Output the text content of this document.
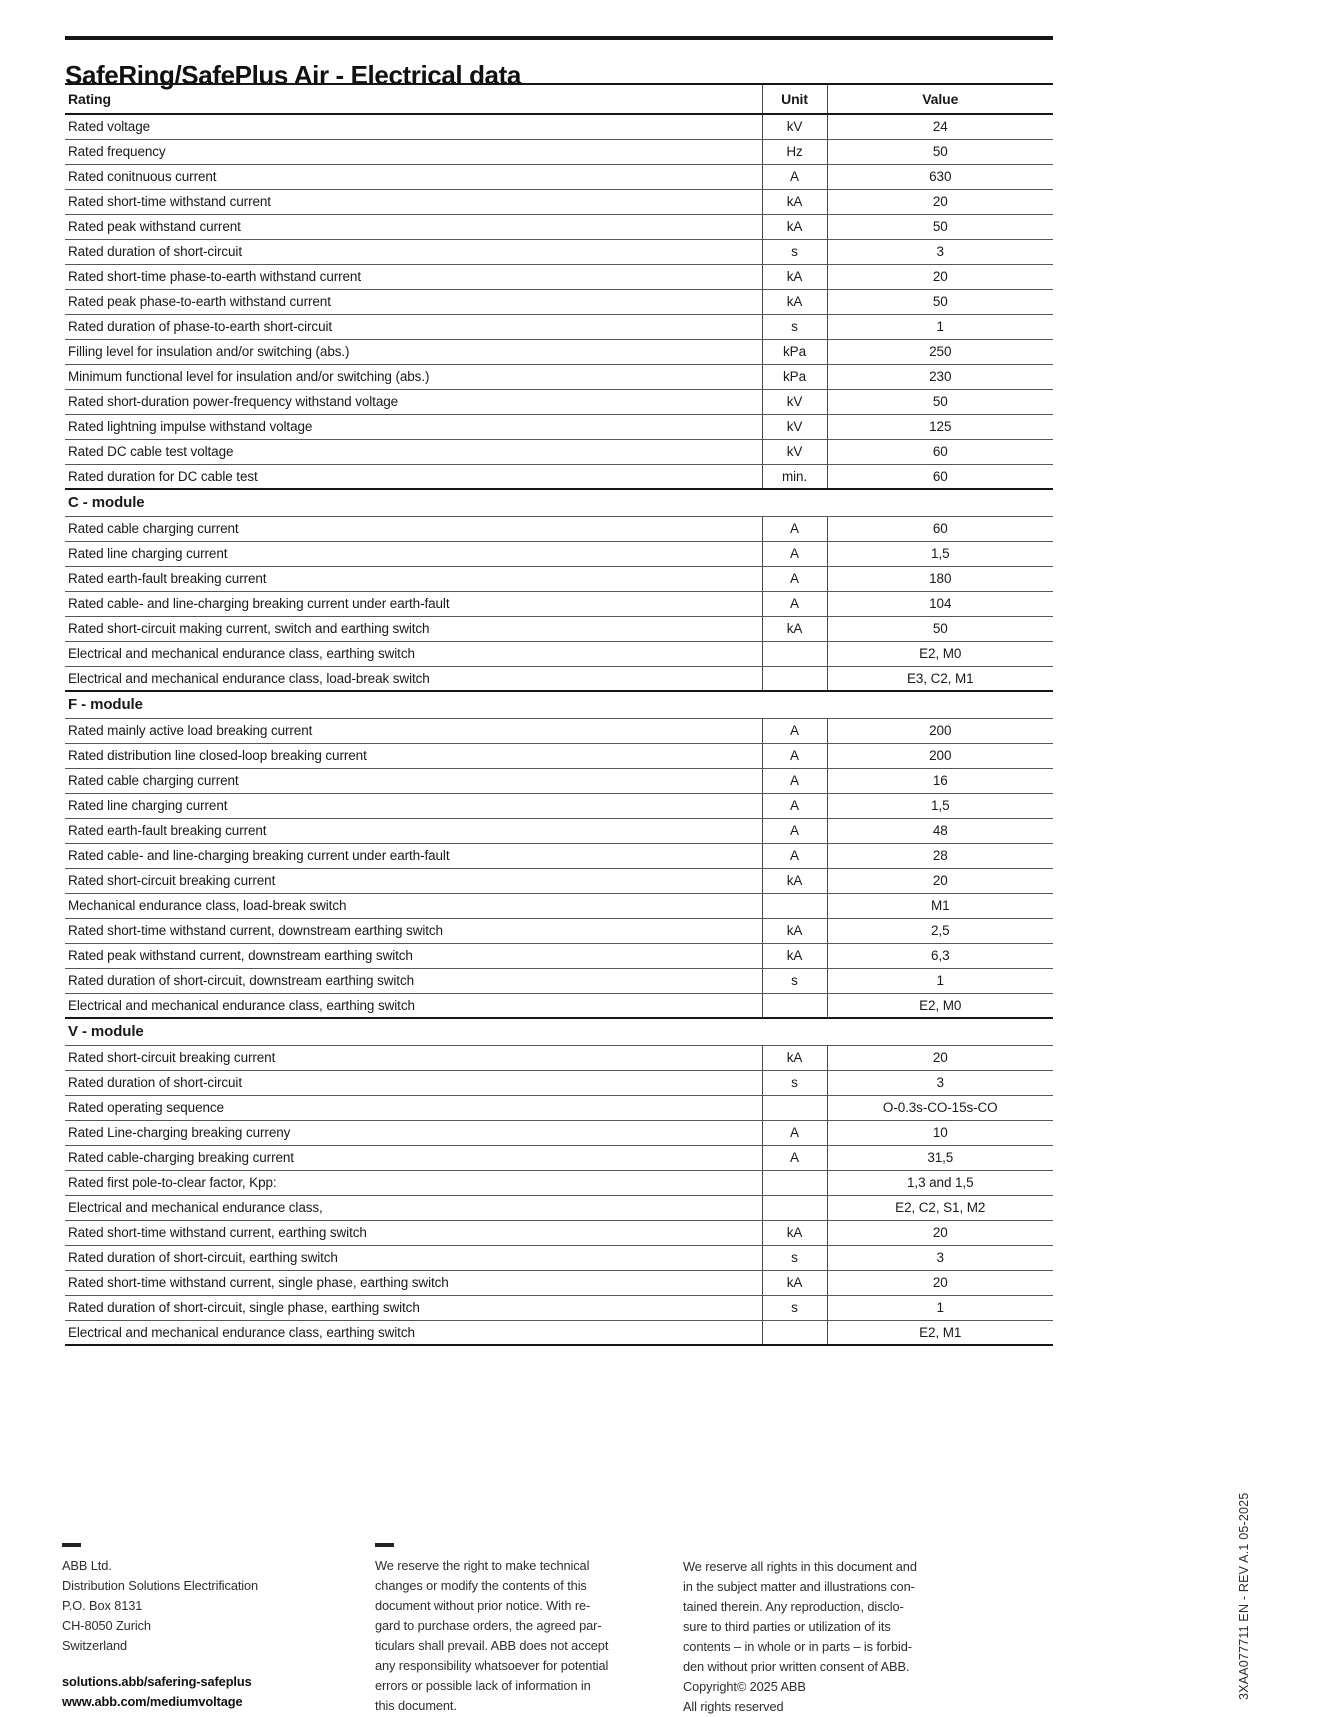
SafeRing/SafePlus Air - Electrical data
Rating	Unit	Value
Rated voltage	kV	24
Rated frequency	Hz	50
Rated conitnuous current	A	630
Rated short-time withstand current	kA	20
Rated peak withstand current	kA	50
Rated duration of short-circuit	s	3
Rated short-time phase-to-earth withstand current	kA	20
Rated peak phase-to-earth withstand current	kA	50
Rated duration of phase-to-earth short-circuit	s	1
Filling level for insulation and/or switching (abs.)	kPa	250
Minimum functional level for insulation and/or switching (abs.)	kPa	230
Rated short-duration power-frequency withstand voltage	kV	50
Rated lightning impulse withstand voltage	kV	125
Rated DC cable test voltage	kV	60
Rated duration for DC cable test	min.	60
C - module		
Rated cable charging current	A	60
Rated line charging current	A	1,5
Rated earth-fault breaking current	A	180
Rated cable- and line-charging breaking current under earth-fault	A	104
Rated short-circuit making current, switch and earthing switch	kA	50
Electrical and mechanical endurance class, earthing switch		E2, M0
Electrical and mechanical endurance class, load-break switch		E3, C2, M1
F - module		
Rated mainly active load breaking current	A	200
Rated distribution line closed-loop breaking current	A	200
Rated cable charging current	A	16
Rated line charging current	A	1,5
Rated earth-fault breaking current	A	48
Rated cable- and line-charging breaking current under earth-fault	A	28
Rated short-circuit breaking current	kA	20
Mechanical endurance class, load-break switch		M1
Rated short-time withstand current, downstream earthing switch	kA	2,5
Rated peak withstand current, downstream earthing switch	kA	6,3
Rated duration of short-circuit, downstream earthing switch	s	1
Electrical and mechanical endurance class, earthing switch		E2, M0
V - module		
Rated short-circuit breaking current	kA	20
Rated duration of short-circuit	s	3
Rated operating sequence		O-0.3s-CO-15s-CO
Rated Line-charging breaking curreny	A	10
Rated cable-charging breaking current	A	31,5
Rated first pole-to-clear factor, Kpp:		1,3 and 1,5
Electrical and mechanical endurance class,		E2, C2, S1, M2
Rated short-time withstand current, earthing switch	kA	20
Rated duration of short-circuit, earthing switch	s	3
Rated short-time withstand current, single phase, earthing switch	kA	20
Rated duration of short-circuit, single phase, earthing switch	s	1
Electrical and mechanical endurance class, earthing switch		E2, M1
ABB Ltd.
Distribution Solutions Electrification
P.O. Box 8131
CH-8050 Zurich
Switzerland
solutions.abb/safering-safeplus
www.abb.com/mediumvoltage
We reserve the right to make technical
changes or modify the contents of this
document without prior notice. With re-
gard to purchase orders, the agreed par-
ticulars shall prevail. ABB does not accept
any responsibility whatsoever for potential
errors or possible lack of information in
this document.
We reserve all rights in this document and
in the subject matter and illustrations con-
tained therein. Any reproduction, disclo-
sure to third parties or utilization of its
contents – in whole or in parts – is forbid-
den without prior written consent of ABB.
Copyright© 2025 ABB
All rights reserved
3XAA077711 EN - REV A.1 05-2025
